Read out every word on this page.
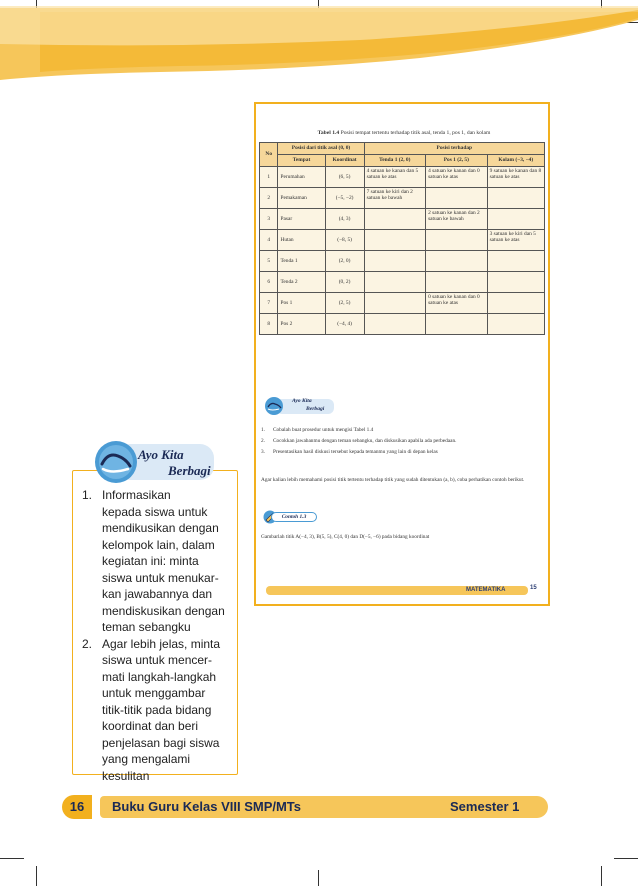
Tabel 1.4 Posisi tempat tertentu terhadap titik asal, tenda 1, pos 1, dan kolam
No	Posisi dari titik asal (0, 0)		Posisi terhadap		
	Tempat	Koordinat	Tenda 1 (2, 0)	Pos 1 (2, 5)	Kolam (−3, −4)
1	Perumahan	(6, 5)	4 satuan ke kanan dan 5 satuan ke atas	4 satuan ke kanan dan 0 satuan ke atas	9 satuan ke kanan dan 8 satuan ke atas
2	Pemakaman	(−5, −2)	7 satuan ke kiri dan 2 satuan ke bawah		
3	Pasar	(4, 3)		2 satuan ke kanan dan 2 satuan ke bawah	
4	Hutan	(−8, 5)			3 satuan ke kiri dan 5 satuan ke atas
5	Tenda 1	(2, 0)			
6	Tenda 2	(0, 2)			
7	Pos 1	(2, 5)		0 satuan ke kanan dan 0 satuan ke atas	
8	Pos 2	(−4, 4)			
Ayo Kita
Berbagi
1.	Cobalah buat prosedur untuk mengisi Tabel 1.4
2.	Cocokkan jawabanmu dengan teman sebangku, dan diskusikan apabila ada perbedaan.
3.	Presentasikan hasil diskusi tersebut kepada temanmu yang lain di depan kelas
Agar kalian lebih memahami posisi titik tertentu terhadap titik yang sudah ditentukan (a, b), coba perhatikan contoh berikut.
Contoh 1.3
Gambarlah titik A(−4, 3), B(5, 5), C(4, 0) dan D(−5, −6) pada bidang koordinat
MATEMATIKA	15
Ayo Kita
Berbagi
1. Informasikan
kepada siswa untuk
mendikusikan dengan
kelompok lain, dalam
kegiatan ini: minta
siswa untuk menukar-
kan jawabannya dan
mendiskusikan dengan
teman sebangku
2. Agar lebih jelas, minta
siswa untuk mencer-
mati langkah-langkah
untuk menggambar
titik-titik pada bidang
koordinat dan beri
penjelasan bagi siswa
yang mengalami
kesulitan
16	Buku Guru Kelas VIII SMP/MTs	Semester 1
